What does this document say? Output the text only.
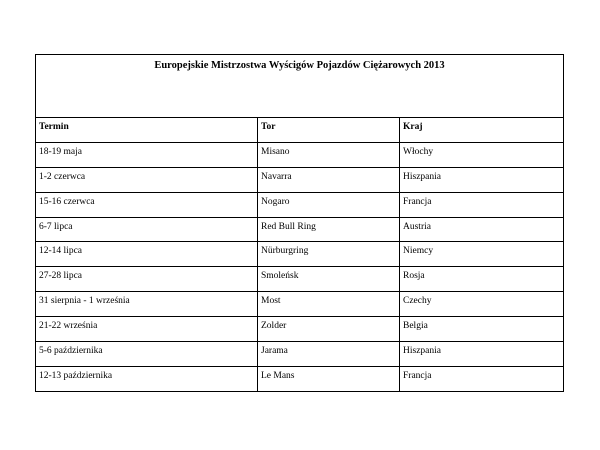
Europejskie Mistrzostwa Wyścigów Pojazdów Ciężarowych 2013		
Termin	Tor	Kraj
18-19 maja	Misano	Włochy
1-2 czerwca	Navarra	Hiszpania
15-16 czerwca	Nogaro	Francja
6-7 lipca	Red Bull Ring	Austria
12-14 lipca	Nürburgring	Niemcy
27-28 lipca	Smoleńsk	Rosja
31 sierpnia - 1 września	Most	Czechy
21-22 września	Zolder	Belgia
5-6 października	Jarama	Hiszpania
12-13 października	Le Mans	Francja
